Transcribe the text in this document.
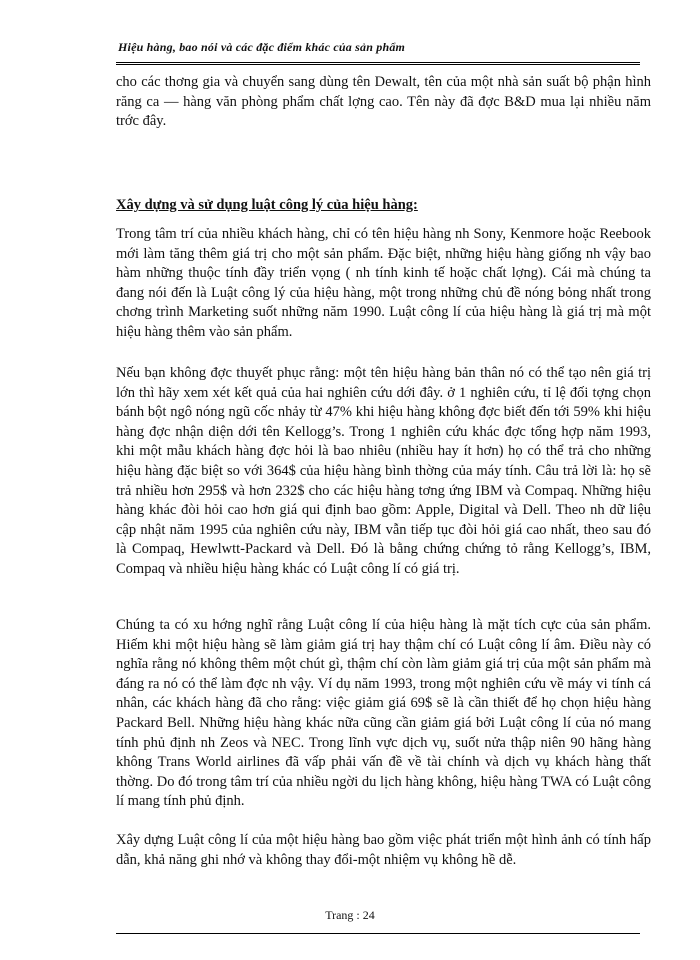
Hiệu hàng, bao nói và các đặc điểm khác của sản phẩm

cho các thơng gia và chuyển sang dùng tên Dewalt, tên của một nhà sản suất bộ phận hình răng ca — hàng văn phòng phẩm chất lợng cao. Tên này đã đợc B&D mua lại nhiều năm trớc đây.

Xây dựng và sử dụng luật công lý của hiệu hàng:

Trong tâm trí của nhiều khách hàng, chỉ có tên hiệu hàng nh Sony, Kenmore hoặc Reebook mới làm tăng thêm giá trị cho một sản phẩm. Đặc biệt, những hiệu hàng giống nh vậy bao hàm những thuộc tính đầy triển vọng ( nh tính kinh tế hoặc chất lợng). Cái mà chúng ta đang nói đến là Luật công lý của hiệu hàng, một trong những chủ đề nóng bỏng nhất trong chơng trình Marketing suốt những năm 1990. Luật công lí của hiệu hàng là giá trị mà một hiệu hàng thêm vào sản phẩm.

Nếu bạn không đợc thuyết phục rằng: một tên hiệu hàng bản thân nó có thể tạo nên giá trị lớn thì hãy xem xét kết quả của hai nghiên cứu dới đây. ở 1 nghiên cứu, tỉ lệ đối tợng chọn bánh bột ngô nóng ngũ cốc nhảy từ 47% khi hiệu hàng không đợc biết đến tới 59% khi hiệu hàng đợc nhận diện dới tên Kellogg’s. Trong 1 nghiên cứu khác đợc tổng hợp năm 1993, khi một mẫu khách hàng đợc hỏi là bao nhiêu (nhiều hay ít hơn) họ có thể trả cho những hiệu hàng đặc biệt so với 364$ của hiệu hàng bình thờng của máy tính. Câu trả lời là: họ sẽ trả nhiều hơn 295$ và hơn 232$ cho các hiệu hàng tơng ứng IBM và Compaq. Những hiệu hàng khác đòi hỏi cao hơn giá qui định bao gồm: Apple, Digital và Dell. Theo nh dữ liệu cập nhật năm 1995 của nghiên cứu này, IBM vẫn tiếp tục đòi hỏi giá cao nhất, theo sau đó là Compaq, Hewlwtt-Packard và Dell. Đó là bằng chứng chứng tỏ rằng Kellogg’s, IBM, Compaq và nhiều hiệu hàng khác có Luật công lí có giá trị.

Chúng ta có xu hớng nghĩ rằng Luật công lí của hiệu hàng là mặt tích cực của sản phẩm. Hiếm khi một hiệu hàng sẽ làm giảm giá trị hay thậm chí có Luật công lí âm. Điều này có nghĩa rằng nó không thêm một chút gì, thậm chí còn làm giảm giá trị của một sản phẩm mà đáng ra nó có thể làm đợc nh vậy. Ví dụ năm 1993, trong một nghiên cứu về máy vi tính cá nhân, các khách hàng đã cho rằng: việc giảm giá 69$ sẽ là cần thiết để họ chọn hiệu hàng Packard Bell. Những hiệu hàng khác nữa cũng cần giảm giá bởi Luật công lí của nó mang tính phủ định nh Zeos và NEC. Trong lĩnh vực dịch vụ, suốt nửa thập niên 90 hãng hàng không Trans World airlines đã vấp phải vấn đề về tài chính và dịch vụ khách hàng thất thờng. Do đó trong tâm trí của nhiều ngời du lịch hàng không, hiệu hàng TWA có Luật công lí mang tính phủ định.

Xây dựng Luật công lí của một hiệu hàng bao gồm việc phát triển một hình ảnh có tính hấp dẫn, khả năng ghi nhớ và không thay đổi-một nhiệm vụ không hề dễ.

Trang : 24
